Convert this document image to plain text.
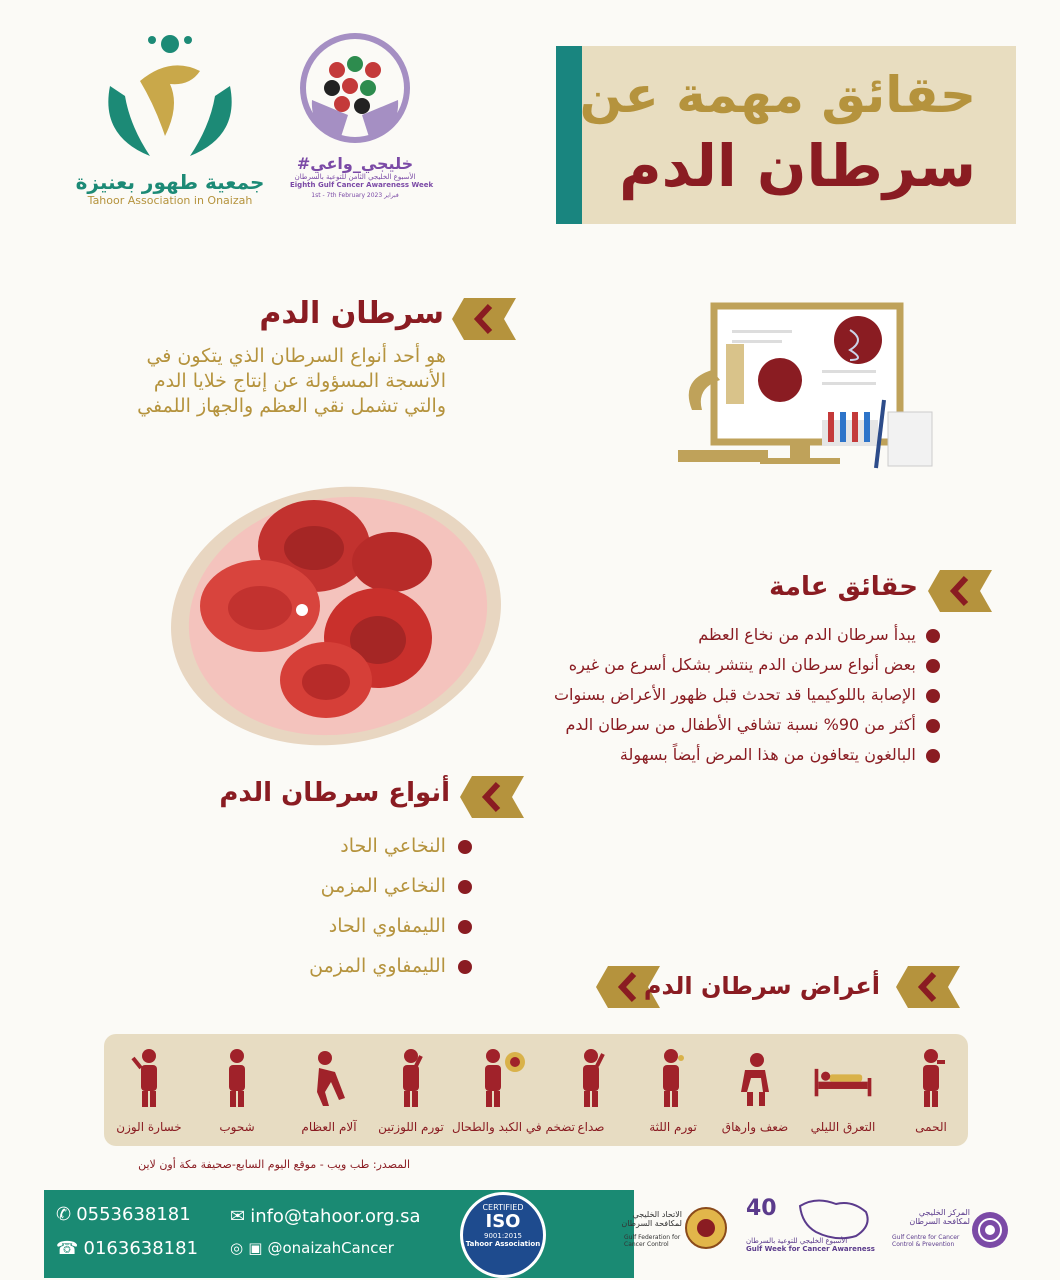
حقائق مهمة عن
سرطان الدم
#خليجي_واعي
الأسبوع الخليجي الثامن للتوعية بالسرطان
Eighth Gulf Cancer Awareness Week
1st - 7th February 2023 فبراير
جمعية طهور بعنيزة
Tahoor Association in Onaizah
سرطان الدم
هو أحد أنواع السرطان الذي يتكون في
الأنسجة المسؤولة عن إنتاج خلايا الدم
والتي تشمل نقي العظم والجهاز اللمفي
حقائق عامة
يبدأ سرطان الدم من نخاع العظم
بعض أنواع سرطان الدم ينتشر بشكل أسرع من غيره
الإصابة باللوكيميا قد تحدث قبل ظهور الأعراض بسنوات
أكثر من 90% نسبة تشافي الأطفال من سرطان الدم
البالغون يتعافون من هذا المرض أيضاً بسهولة
أنواع سرطان الدم
النخاعي الحاد
النخاعي المزمن
الليمفاوي الحاد
الليمفاوي المزمن
أعراض سرطان الدم
الحمى
التعرق الليلي
ضعف وارهاق
تورم اللثة
صداع
تضخم في الكبد والطحال
تورم اللوزتين
آلام العظام
شحوب
خسارة الوزن
المصدر: طب ويب - موقع اليوم السابع-صحيفة مكة أون لاين
✆ 0553638181
☎ 0163638181
✉ info@tahoor.org.sa
◎ ▣ @onaizahCancer
CERTIFIED
ISO
9001:2015
Tahoor Association
الاتحاد الخليجي لمكافحة السرطان
Gulf Federation for Cancer Control
40
الأسبوع الخليجي للتوعية بالسرطان
Gulf Week for Cancer Awareness
المركز الخليجي لمكافحة السرطان
Gulf Centre for Cancer Control & Prevention
